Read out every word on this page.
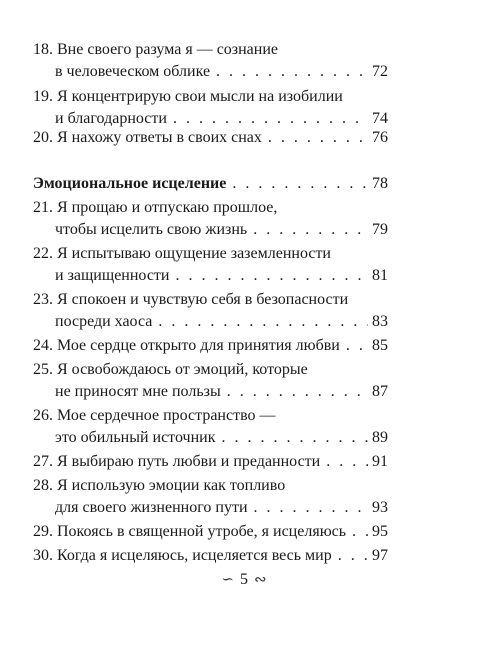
18. Вне своего разума я — сознание
в человеческом облике . . .	72
19. Я концентрирую свои мысли на изобилии
и благодарности . . .	74
20. Я нахожу ответы в своих снах . . .	76
Эмоциональное исцеление . . .	78
21. Я прощаю и отпускаю прошлое,
чтобы исцелить свою жизнь . . .	79
22. Я испытываю ощущение заземленности
и защищенности . . .	81
23. Я спокоен и чувствую себя в безопасности
посреди хаоса . . .	83
24. Мое сердце открыто для принятия любви . . . 85
25. Я освобождаюсь от эмоций, которые
не приносят мне пользы . . .	87
26. Мое сердечное пространство —
это обильный источник . . .	89
27. Я выбираю путь любви и преданности . . .	91
28. Я использую эмоции как топливо
для своего жизненного пути . . .	93
29. Покоясь в священной утробе, я исцеляюсь . . . 95
30. Когда я исцеляюсь, исцеляется весь мир . . .	97
∽ 5 ∾
